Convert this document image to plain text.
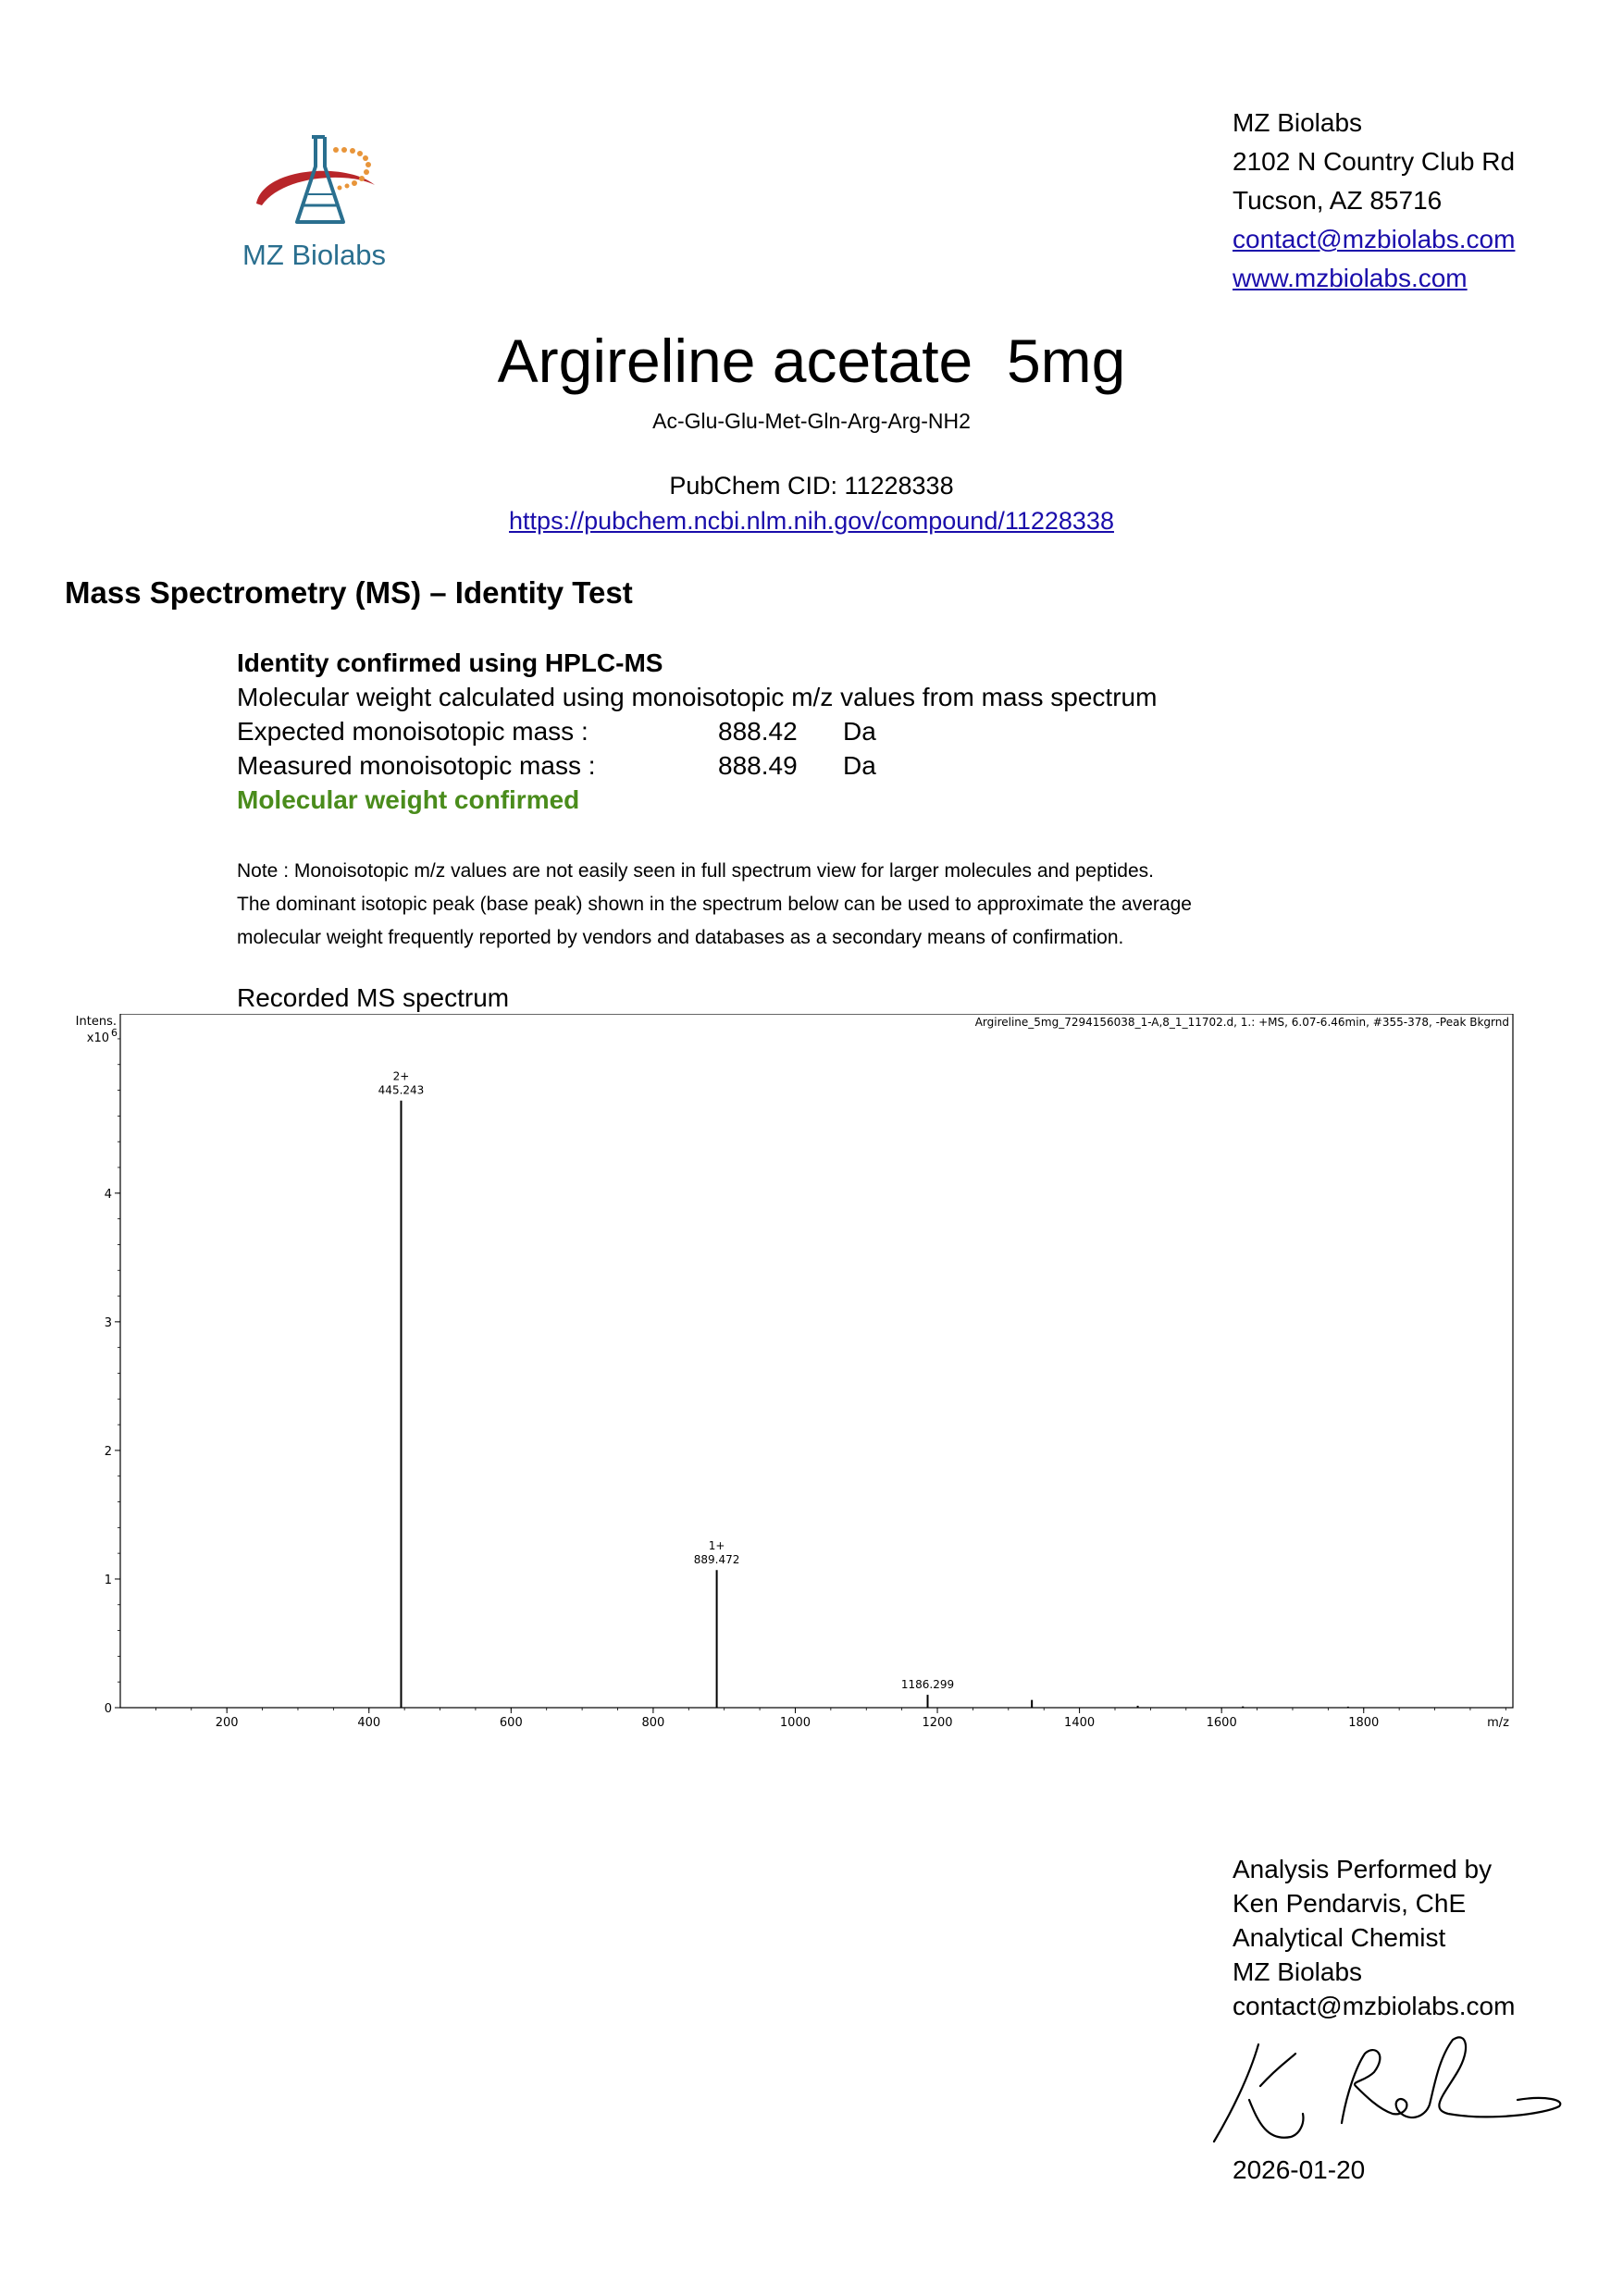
MZ Biolabs
MZ Biolabs
2102 N Country Club Rd
Tucson, AZ 85716
contact@mzbiolabs.com
www.mzbiolabs.com
Argireline acetate  5mg
Ac-Glu-Glu-Met-Gln-Arg-Arg-NH2
PubChem CID: 11228338
https://pubchem.ncbi.nlm.nih.gov/compound/11228338
Mass Spectrometry (MS) – Identity Test
Identity confirmed using HPLC-MS
Molecular weight calculated using monoisotopic m/z values from mass spectrum
Expected monoisotopic mass :	888.42 Da
Measured monoisotopic mass :	888.49 Da
Molecular weight confirmed
Note : Monoisotopic m/z values are not easily seen in full spectrum view for larger molecules and peptides.
The dominant isotopic peak (base peak) shown in the spectrum below can be used to approximate the average
molecular weight frequently reported by vendors and databases as a secondary means of confirmation.
Recorded MS spectrum
Argireline_5mg_7294156038_1-A,8_1_11702.d, 1.: +MS, 6.07-6.46min, #355-378, -Peak Bkgrnd
Intens.
x10 6
0
1
2
3
4
200	400	600	800	1000	1200	1400	1600	1800	m/z
445.243
2+
889.472
1+
1186.299
Analysis Performed by
Ken Pendarvis, ChE
Analytical Chemist
MZ Biolabs
contact@mzbiolabs.com
2026-01-20
